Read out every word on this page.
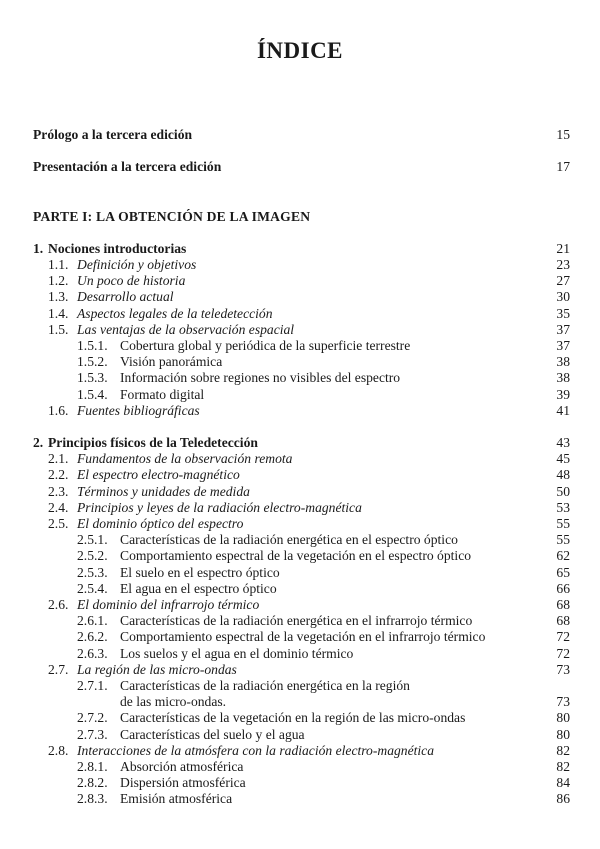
ÍNDICE
Prólogo a la tercera edición	15
Presentación a la tercera edición	17
PARTE I: LA OBTENCIÓN DE LA IMAGEN
1. Nociones introductorias	21
1.1. Definición y objetivos	23
1.2. Un poco de historia	27
1.3. Desarrollo actual	30
1.4. Aspectos legales de la teledetección	35
1.5. Las ventajas de la observación espacial	37
1.5.1. Cobertura global y periódica de la superficie terrestre	37
1.5.2. Visión panorámica	38
1.5.3. Información sobre regiones no visibles del espectro	38
1.5.4. Formato digital	39
1.6. Fuentes bibliográficas	41
2. Principios físicos de la Teledetección	43
2.1. Fundamentos de la observación remota	45
2.2. El espectro electro-magnético	48
2.3. Términos y unidades de medida	50
2.4. Principios y leyes de la radiación electro-magnética	53
2.5. El dominio óptico del espectro	55
2.5.1. Características de la radiación energética en el espectro óptico	55
2.5.2. Comportamiento espectral de la vegetación en el espectro óptico	62
2.5.3. El suelo en el espectro óptico	65
2.5.4. El agua en el espectro óptico	66
2.6. El dominio del infrarrojo térmico	68
2.6.1. Características de la radiación energética en el infrarrojo térmico	68
2.6.2. Comportamiento espectral de la vegetación en el infrarrojo térmico	72
2.6.3. Los suelos y el agua en el dominio térmico	72
2.7. La región de las micro-ondas	73
2.7.1. Características de la radiación energética en la región
de las micro-ondas.	73
2.7.2. Características de la vegetación en la región de las micro-ondas	80
2.7.3. Características del suelo y el agua	80
2.8. Interacciones de la atmósfera con la radiación electro-magnética	82
2.8.1. Absorción atmosférica	82
2.8.2. Dispersión atmosférica	84
2.8.3. Emisión atmosférica	86
